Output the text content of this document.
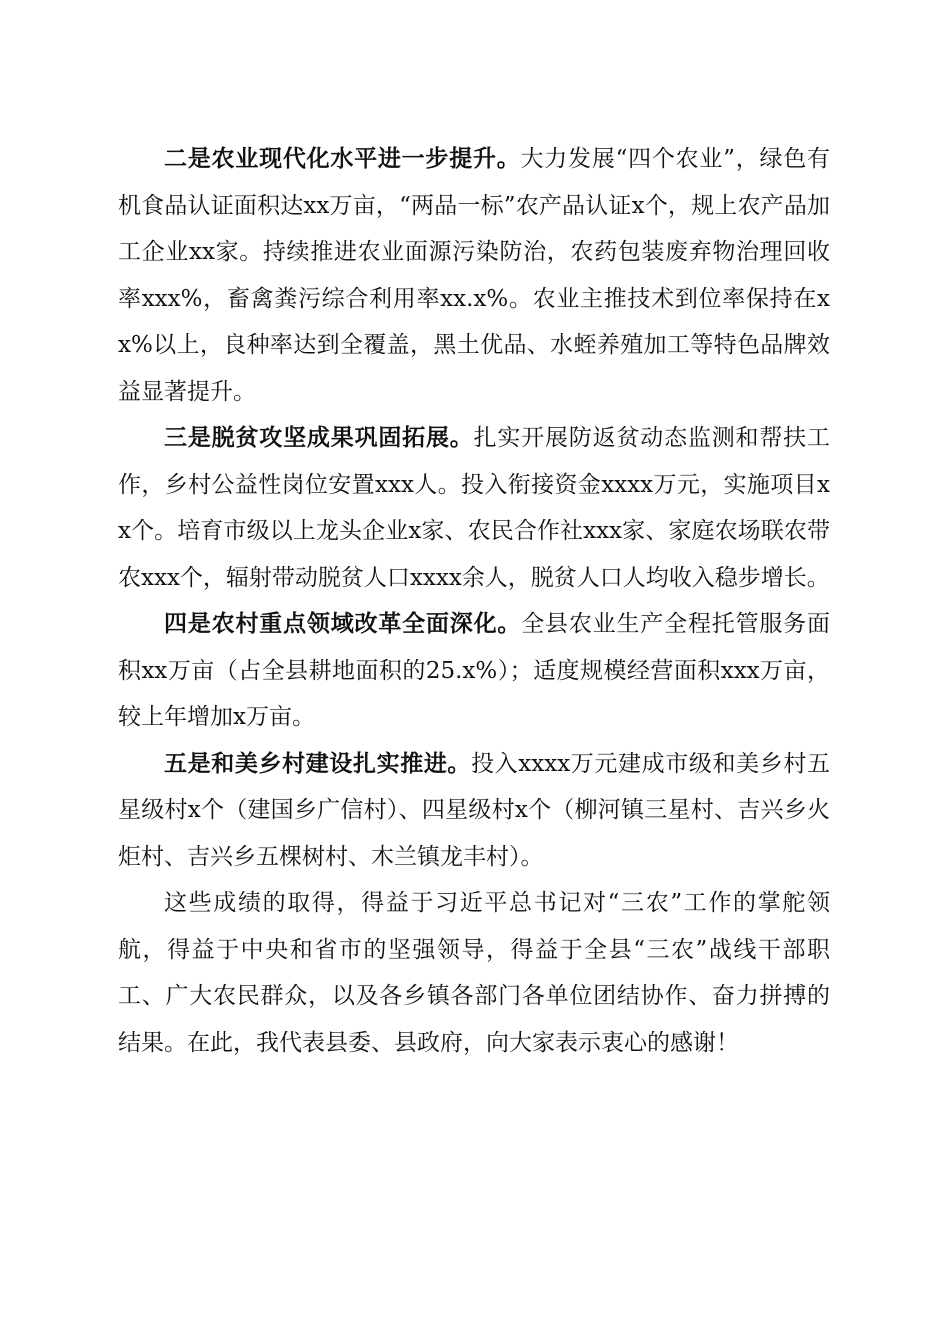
二是农业现代化水平进一步提升。大力发展“四个农业”，绿色有机食品认证面积达xx万亩，“两品一标”农产品认证x个，规上农产品加工企业xx家。持续推进农业面源污染防治，农药包装废弃物治理回收率xxx%，畜禽粪污综合利用率xx.x%。农业主推技术到位率保持在xx%以上，良种率达到全覆盖，黑土优品、水蛭养殖加工等特色品牌效益显著提升。

三是脱贫攻坚成果巩固拓展。扎实开展防返贫动态监测和帮扶工作，乡村公益性岗位安置xxx人。投入衔接资金xxxx万元，实施项目xx个。培育市级以上龙头企业x家、农民合作社xxx家、家庭农场联农带农xxx个，辐射带动脱贫人口xxxx余人，脱贫人口人均收入稳步增长。

四是农村重点领域改革全面深化。全县农业生产全程托管服务面积xx万亩（占全县耕地面积的25.x%）；适度规模经营面积xxx万亩，较上年增加x万亩。

五是和美乡村建设扎实推进。投入xxxx万元建成市级和美乡村五星级村x个（建国乡广信村）、四星级村x个（柳河镇三星村、吉兴乡火炬村、吉兴乡五棵树村、木兰镇龙丰村）。

这些成绩的取得，得益于习近平总书记对“三农”工作的掌舵领航，得益于中央和省市的坚强领导，得益于全县“三农”战线干部职工、广大农民群众，以及各乡镇各部门各单位团结协作、奋力拼搏的结果。在此，我代表县委、县政府，向大家表示衷心的感谢！
